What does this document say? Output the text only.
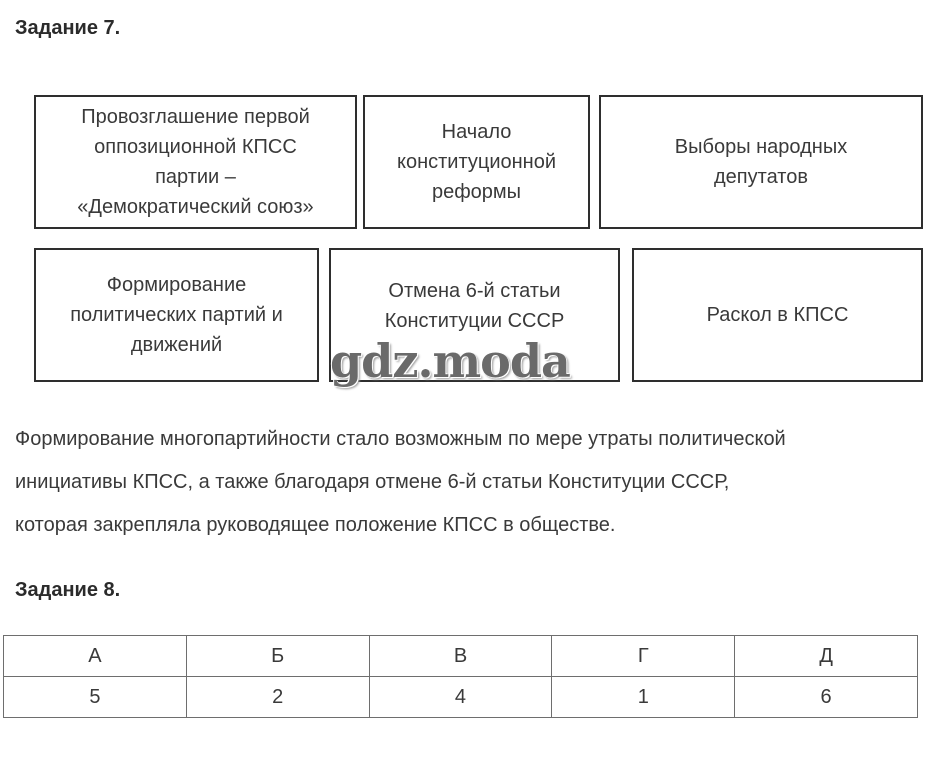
Задание 7.
Провозглашение первой
оппозиционной КПСС
партии –
«Демократический союз»
Начало
конституционной
реформы
Выборы народных
депутатов
Формирование
политических партий и
движений
Отмена 6-й статьи
Конституции СССР	Раскол в КПСС
gdz.moda
Формирование многопартийности стало возможным по мере утраты политической
инициативы КПСС, а также благодаря отмене 6-й статьи Конституции СССР,
которая закрепляла руководящее положение КПСС в обществе.
Задание 8.
А	Б	В	Г	Д
5	2	4	1	6
